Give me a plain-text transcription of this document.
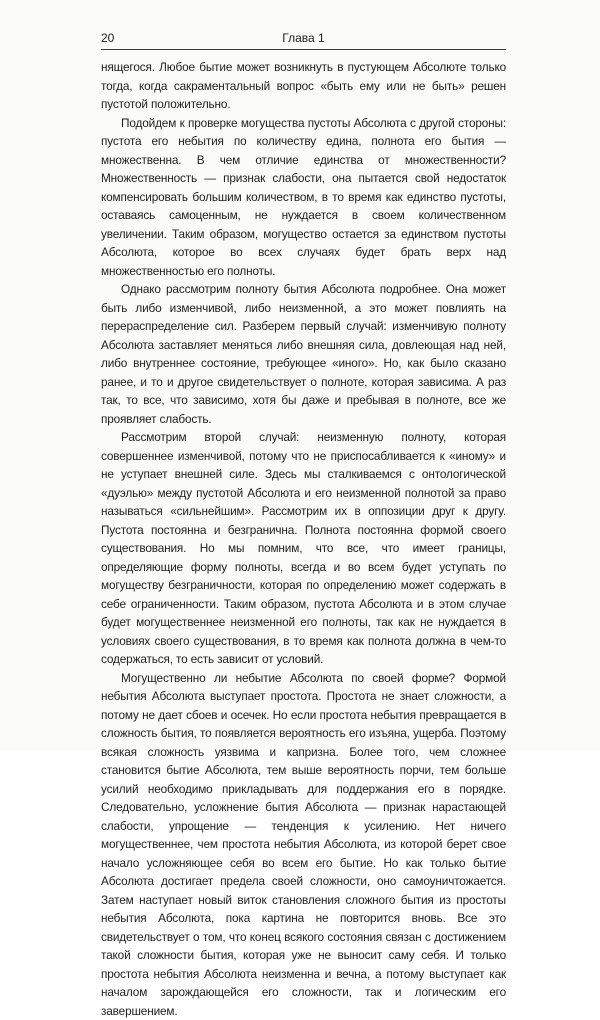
20	Глава 1

нящегося. Любое бытие может возникнуть в пустующем Абсолюте только тогда, когда сакраментальный вопрос «быть ему или не быть» решен пустотой положительно.

Подойдем к проверке могущества пустоты Абсолюта с другой стороны: пустота его небытия по количеству едина, полнота его бытия — множественна. В чем отличие единства от множественности? Множественность — признак слабости, она пытается свой недостаток компенсировать большим количеством, в то время как единство пустоты, оставаясь самоценным, не нуждается в своем количественном увеличении. Таким образом, могущество остается за единством пустоты Абсолюта, которое во всех случаях будет брать верх над множественностью его полноты.

Однако рассмотрим полноту бытия Абсолюта подробнее. Она может быть либо изменчивой, либо неизменной, а это может повлиять на перераспределение сил. Разберем первый случай: изменчивую полноту Абсолюта заставляет меняться либо внешняя сила, довлеющая над ней, либо внутреннее состояние, требующее «иного». Но, как было сказано ранее, и то и другое свидетельствует о полноте, которая зависима. А раз так, то все, что зависимо, хотя бы даже и пребывая в полноте, все же проявляет слабость.

Рассмотрим второй случай: неизменную полноту, которая совершеннее изменчивой, потому что не приспосабливается к «иному» и не уступает внешней силе. Здесь мы сталкиваемся с онтологической «дуэлью» между пустотой Абсолюта и его неизменной полнотой за право называться «сильнейшим». Рассмотрим их в оппозиции друг к другу. Пустота постоянна и безгранична. Полнота постоянна формой своего существования. Но мы помним, что все, что имеет границы, определяющие форму полноты, всегда и во всем будет уступать по могуществу безграничности, которая по определению может содержать в себе ограниченности. Таким образом, пустота Абсолюта и в этом случае будет могущественнее неизменной его полноты, так как не нуждается в условиях своего существования, в то время как полнота должна в чем-то содержаться, то есть зависит от условий.

Могущественно ли небытие Абсолюта по своей форме? Формой небытия Абсолюта выступает простота. Простота не знает сложности, а потому не дает сбоев и осечек. Но если простота небытия превращается в сложность бытия, то появляется вероятность его изъяна, ущерба. Поэтому всякая сложность уязвима и капризна. Более того, чем сложнее становится бытие Абсолюта, тем выше вероятность порчи, тем больше усилий необходимо прикладывать для поддержания его в порядке. Следовательно, усложнение бытия Абсолюта — признак нарастающей слабости, упрощение — тенденция к усилению. Нет ничего могущественнее, чем простота небытия Абсолюта, из которой берет свое начало усложняющее себя во всем его бытие. Но как только бытие Абсолюта достигает предела своей сложности, оно самоуничтожается. Затем наступает новый виток становления сложного бытия из простоты небытия Абсолюта, пока картина не повторится вновь. Все это свидетельствует о том, что конец всякого состояния связан с достижением такой сложности бытия, которая уже не выносит саму себя. И только простота небытия Абсолюта неизменна и вечна, а потому выступает как началом зарождающейся его сложности, так и логическим его завершением.
